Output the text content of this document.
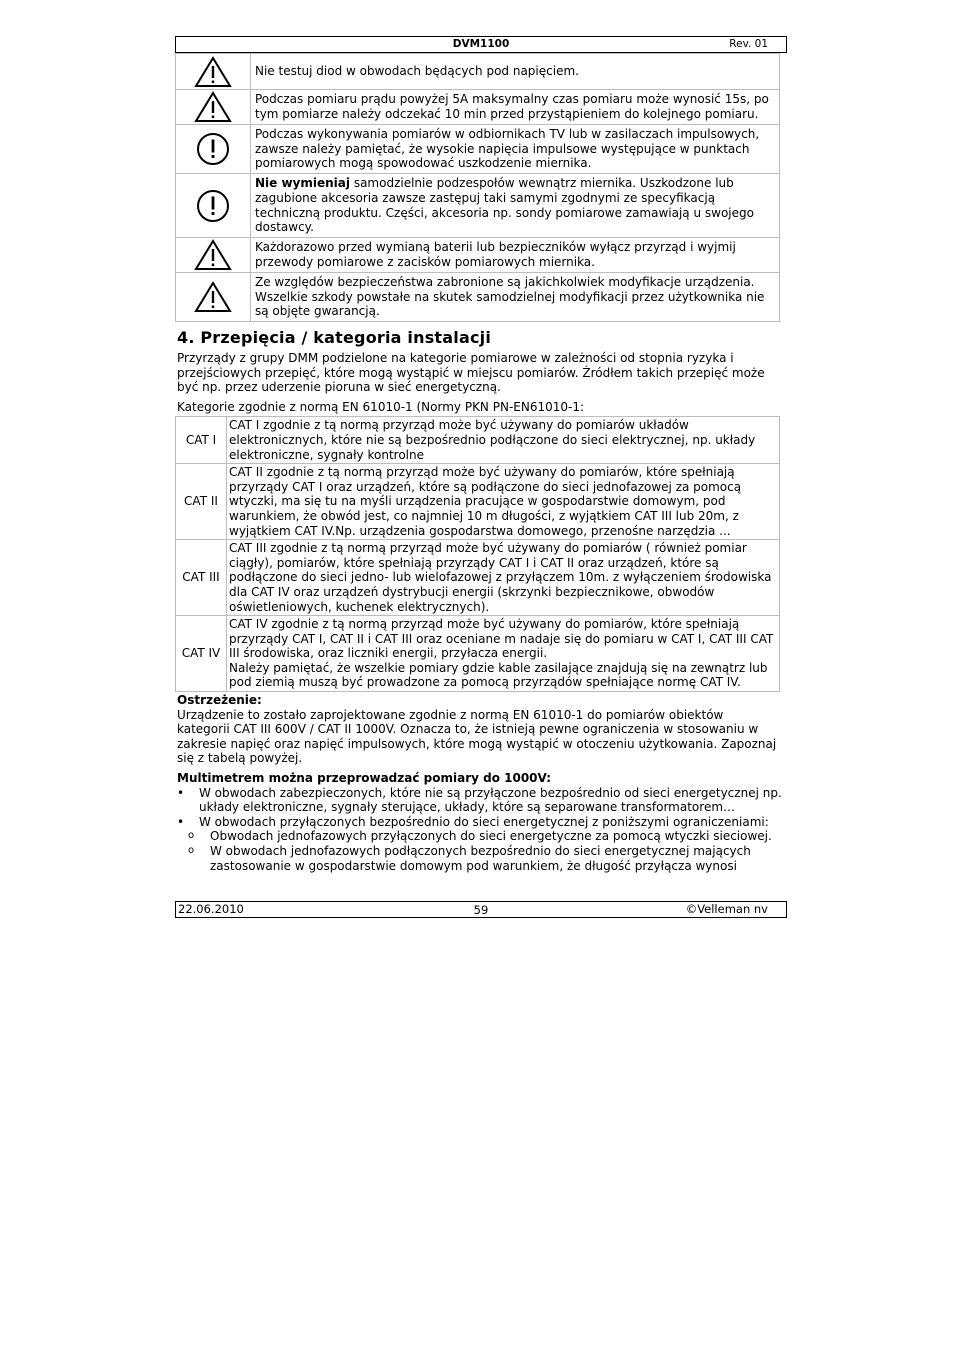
DVM1100	Rev. 01
	Nie testuj diod w obwodach będących pod napięciem.

	Podczas pomiaru prądu powyżej 5A maksymalny czas pomiaru może wynosić 15s, po tym pomiarze należy odczekać 10 min przed przystąpieniem do kolejnego pomiaru.

	Podczas wykonywania pomiarów w odbiornikach TV lub w zasilaczach impulsowych, zawsze należy pamiętać, że wysokie napięcia impulsowe występujące w punktach pomiarowych mogą spowodować uszkodzenie miernika.

	Nie wymieniaj samodzielnie podzespołów wewnątrz miernika. Uszkodzone lub zagubione akcesoria zawsze zastępuj taki samymi zgodnymi ze specyfikacją techniczną produktu. Części, akcesoria np. sondy pomiarowe zamawiają u swojego dostawcy.

	Każdorazowo przed wymianą baterii lub bezpieczników wyłącz przyrząd i wyjmij przewody pomiarowe z zacisków pomiarowych miernika.

	Ze względów bezpieczeństwa zabronione są jakichkolwiek modyfikacje urządzenia. Wszelkie szkody powstałe na skutek samodzielnej modyfikacji przez użytkownika nie są objęte gwarancją.
4. Przepięcia / kategoria instalacji

Przyrządy z grupy DMM podzielone na kategorie pomiarowe w zależności od stopnia ryzyka i przejściowych przepięć, które mogą wystąpić w miejscu pomiarów. Źródłem takich przepięć może być np. przez uderzenie pioruna w sieć energetyczną.

Kategorie zgodnie z normą EN 61010-1 (Normy PKN PN-EN61010-1:

CAT I	CAT I zgodnie z tą normą przyrząd może być używany do pomiarów układów elektronicznych, które nie są bezpośrednio podłączone do sieci elektrycznej, np. układy elektroniczne, sygnały kontrolne
CAT II	CAT II zgodnie z tą normą przyrząd może być używany do pomiarów, które spełniają przyrządy CAT I oraz urządzeń, które są podłączone do sieci jednofazowej za pomocą wtyczki, ma się tu na myśli urządzenia pracujące w gospodarstwie domowym, pod warunkiem, że obwód jest, co najmniej 10 m długości, z wyjątkiem CAT III lub 20m, z wyjątkiem CAT IV.Np. urządzenia gospodarstwa domowego, przenośne narzędzia ...
CAT III	CAT III zgodnie z tą normą przyrząd może być używany do pomiarów ( również pomiar ciągły), pomiarów, które spełniają przyrządy CAT I i CAT II oraz urządzeń, które są podłączone do sieci jedno- lub wielofazowej z przyłączem 10m. z wyłączeniem środowiska dla CAT IV oraz urządzeń dystrybucji energii (skrzynki bezpiecznikowe, obwodów oświetleniowych, kuchenek elektrycznych).
CAT IV	CAT IV zgodnie z tą normą przyrząd może być używany do pomiarów, które spełniają przyrządy CAT I, CAT II i CAT III oraz oceniane m nadaje się do pomiaru w CAT I, CAT III CAT III środowiska, oraz liczniki energii, przyłacza energii.
Należy pamiętać, że wszelkie pomiary gdzie kable zasilające znajdują się na zewnątrz lub pod ziemią muszą być prowadzone za pomocą przyrządów spełniające normę CAT IV.

Ostrzeżenie:

Urządzenie to zostało zaprojektowane zgodnie z normą EN 61010-1 do pomiarów obiektów kategorii CAT III 600V / CAT II 1000V. Oznacza to, że istnieją pewne ograniczenia w stosowaniu w zakresie napięć oraz napięć impulsowych, które mogą wystąpić w otoczeniu użytkowania. Zapoznaj się z tabelą powyżej.

Multimetrem można przeprowadzać pomiary do 1000V:

• W obwodach zabezpieczonych, które nie są przyłączone bezpośrednio od sieci energetycznej np. układy elektroniczne, sygnały sterujące, układy, które są separowane transformatorem…
• W obwodach przyłączonych bezpośrednio do sieci energetycznej z poniższymi ograniczeniami:
o Obwodach jednofazowych przyłączonych do sieci energetyczne za pomocą wtyczki sieciowej.
o W obwodach jednofazowych podłączonych bezpośrednio do sieci energetycznej mających zastosowanie w gospodarstwie domowym pod warunkiem, że długość przyłącza wynosi
22.06.2010	59	©Velleman nv
